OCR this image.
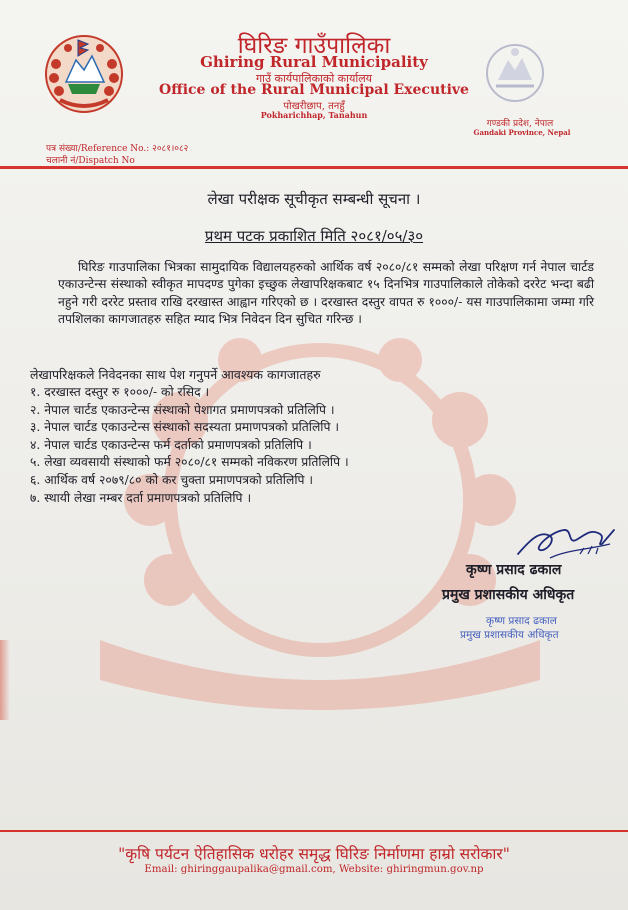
घिरिङ गाउँपालिका
Ghiring Rural Municipality
गाउँ कार्यपालिकाको कार्यालय
Office of the Rural Municipal Executive
पोखरीछाप, तनहुँ
Pokharichhap, Tanahun
गण्डकी प्रदेश, नेपाल
Gandaki Province, Nepal
पत्र संख्या/Reference No.: २०८१।०८२
चलानी नं/Dispatch No
लेखा परीक्षक सूचीकृत सम्बन्धी सूचना ।
प्रथम पटक प्रकाशित मिति २०८१/०५/३०
घिरिङ गाउपालिका भित्रका सामुदायिक विद्यालयहरुको आर्थिक वर्ष २०८०/८१ सम्मको लेखा परिक्षण गर्न नेपाल चार्टड एकाउन्टेन्स संस्थाको स्वीकृत मापदण्ड पुगेका इच्छुक लेखापरिक्षकबाट १५ दिनभित्र गाउपालिकाले तोकेको दररेट भन्दा बढी नहुने गरी दररेट प्रस्ताव राखि दरखास्त आह्वान गरिएको छ । दरखास्त दस्तुर वापत रु १०००/- यस गाउपालिकामा जम्मा गरि तपशिलका कागजातहरु सहित म्याद भित्र निवेदन दिन सुचित गरिन्छ ।
लेखापरिक्षकले निवेदनका साथ पेश गनुपर्ने आवश्यक कागजातहरु
१. दरखास्त दस्तुर रु १०००/- को रसिद ।
२. नेपाल चार्टड एकाउन्टेन्स संस्थाको पेशागत प्रमाणपत्रको प्रतिलिपि ।
३. नेपाल चार्टड एकाउन्टेन्स संस्थाको सदस्यता प्रमाणपत्रको प्रतिलिपि ।
४. नेपाल चार्टड एकाउन्टेन्स फर्म दर्ताको प्रमाणपत्रको प्रतिलिपि ।
५. लेखा व्यवसायी संस्थाको फर्म २०८०/८१ सम्मको नविकरण प्रतिलिपि ।
६. आर्थिक वर्ष २०७९/८० को कर चुक्ता प्रमाणपत्रको प्रतिलिपि ।
७. स्थायी लेखा नम्बर दर्ता प्रमाणपत्रको प्रतिलिपि ।
कृष्ण प्रसाद ढकाल
प्रमुख प्रशासकीय अधिकृत
कृष्ण प्रसाद ढकाल
प्रमुख प्रशासकीय अधिकृत
"कृषि पर्यटन ऐतिहासिक धरोहर समृद्ध घिरिङ निर्माणमा हाम्रो सरोकार"
Email: ghiringgaupalika@gmail.com, Website: ghiringmun.gov.np
